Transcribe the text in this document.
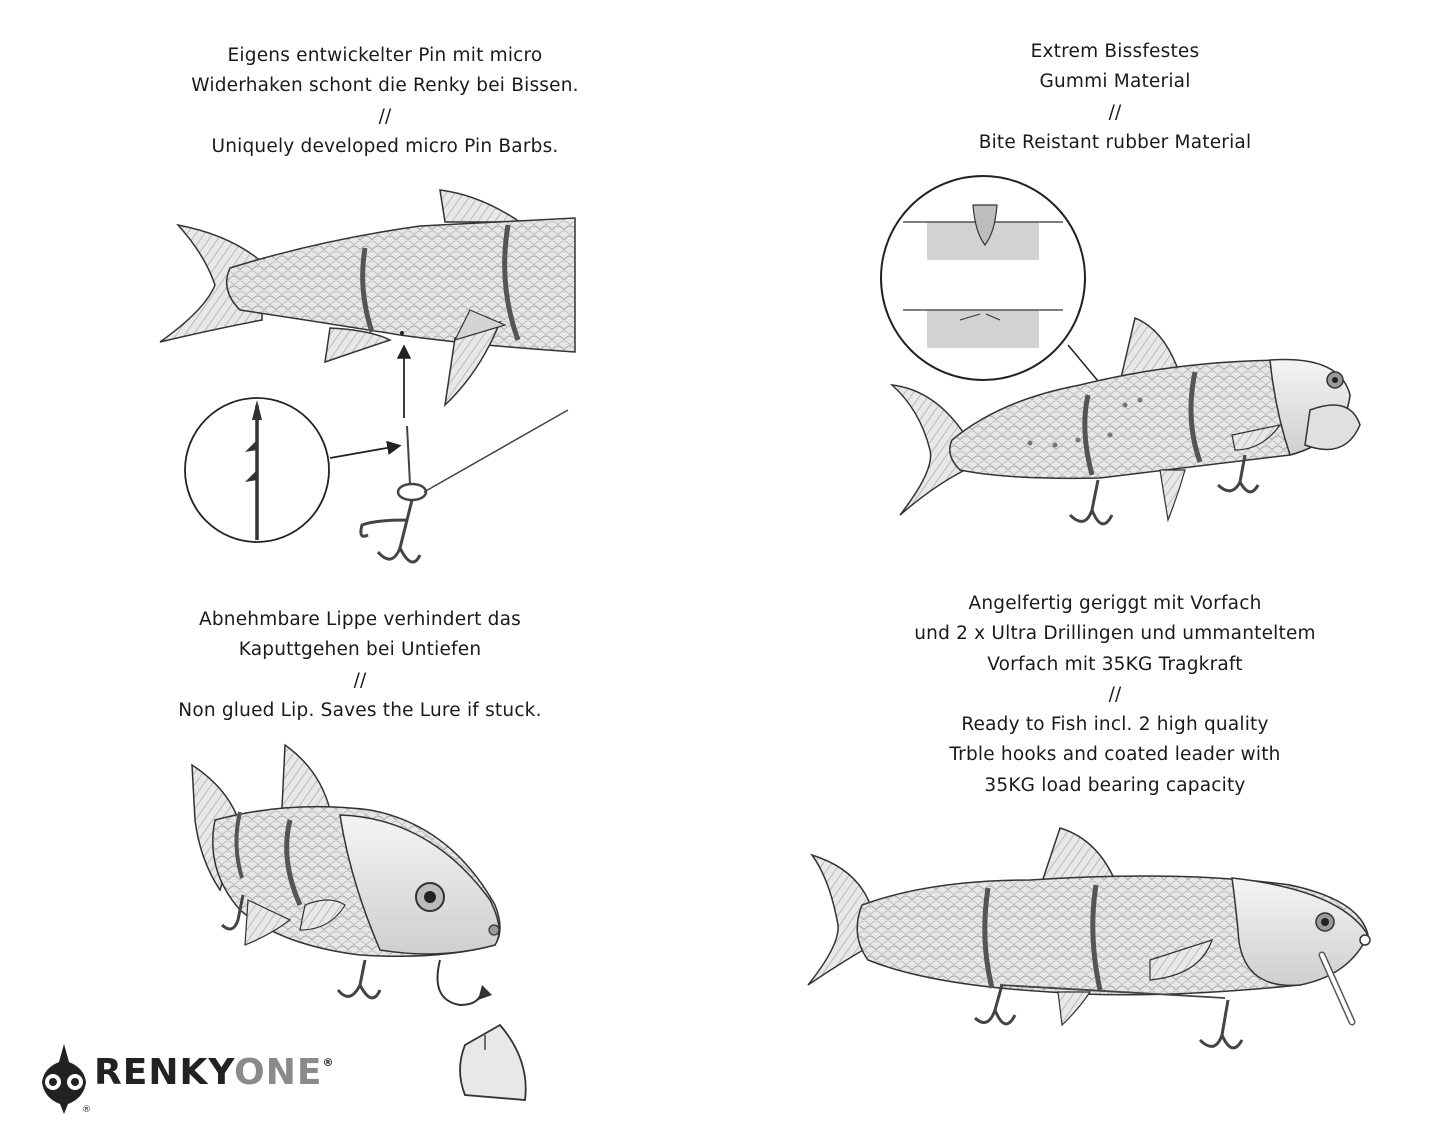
Eigens entwickelter Pin mit micro
Widerhaken schont die Renky bei Bissen.
//
Uniquely developed micro Pin Barbs.
Extrem Bissfestes
Gummi Material
//
Bite Reistant rubber Material
Abnehmbare Lippe verhindert das
Kaputtgehen bei Untiefen
//
Non glued Lip. Saves the Lure if stuck.
Angelfertig geriggt mit Vorfach
und 2 x Ultra Drillingen und ummanteltem
Vorfach mit 35KG Tragkraft
//
Ready to Fish incl. 2 high quality
Trble hooks and coated leader with
35KG load bearing capacity
®
RENKYONE®
